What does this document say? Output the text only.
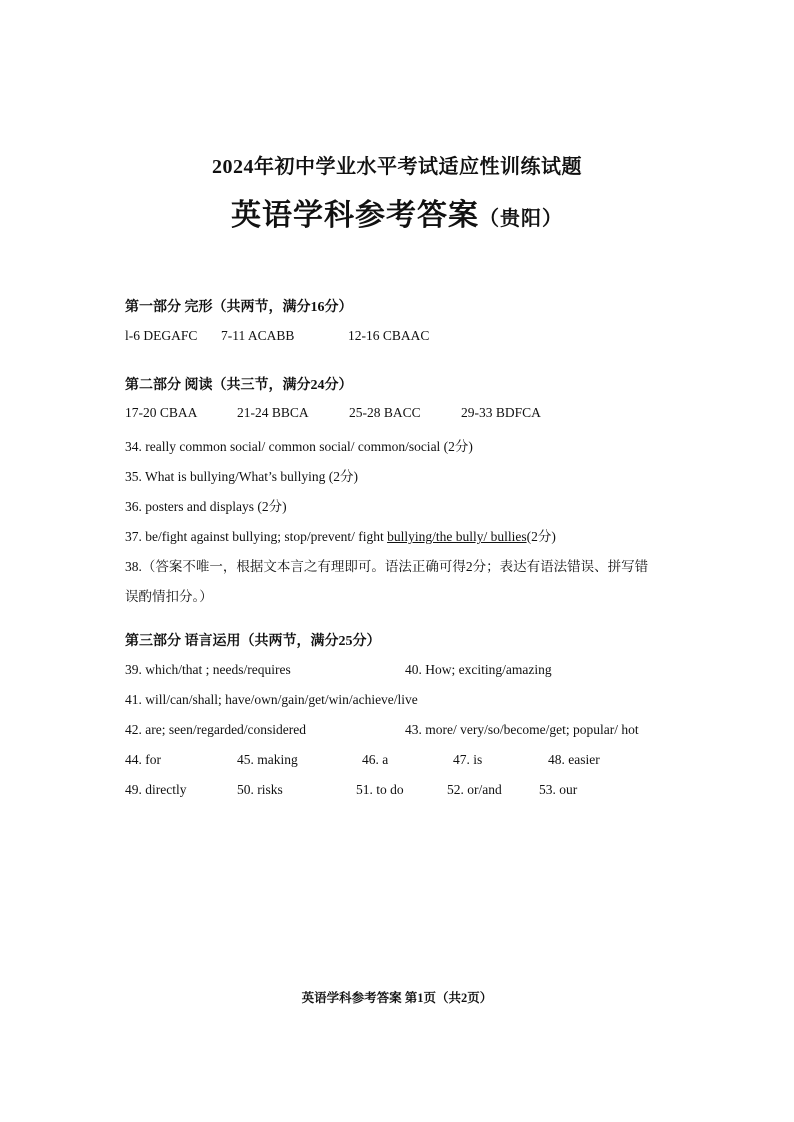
2024年初中学业水平考试适应性训练试题
英语学科参考答案（贵阳）
第一部分 完形（共两节，满分16分）
l-6 DEGAFC 7-11 ACABB	12-16 CBAAC
第二部分 阅读（共三节，满分24分）
17-20 CBAA	21-24 BBCA	25-28 BACC	29-33 BDFCA
34. really common social/ common social/ common/social (2分)
35. What is bullying/What’s bullying (2分)
36. posters and displays (2分)
37. be/fight against bullying; stop/prevent/ fight bullying/the bully/ bullies(2分)
38.（答案不唯一，根据文本言之有理即可。语法正确可得2分；表达有语法错误、拼写错
误酌情扣分。）
第三部分 语言运用（共两节，满分25分）
39. which/that ; needs/requires	40. How; exciting/amazing
41. will/can/shall; have/own/gain/get/win/achieve/live
42. are; seen/regarded/considered	43. more/ very/so/become/get; popular/ hot
44. for	45. making	46. a	47. is	48. easier
49. directly	50. risks	51. to do	52. or/and	53. our
英语学科参考答案 第1页（共2页）
